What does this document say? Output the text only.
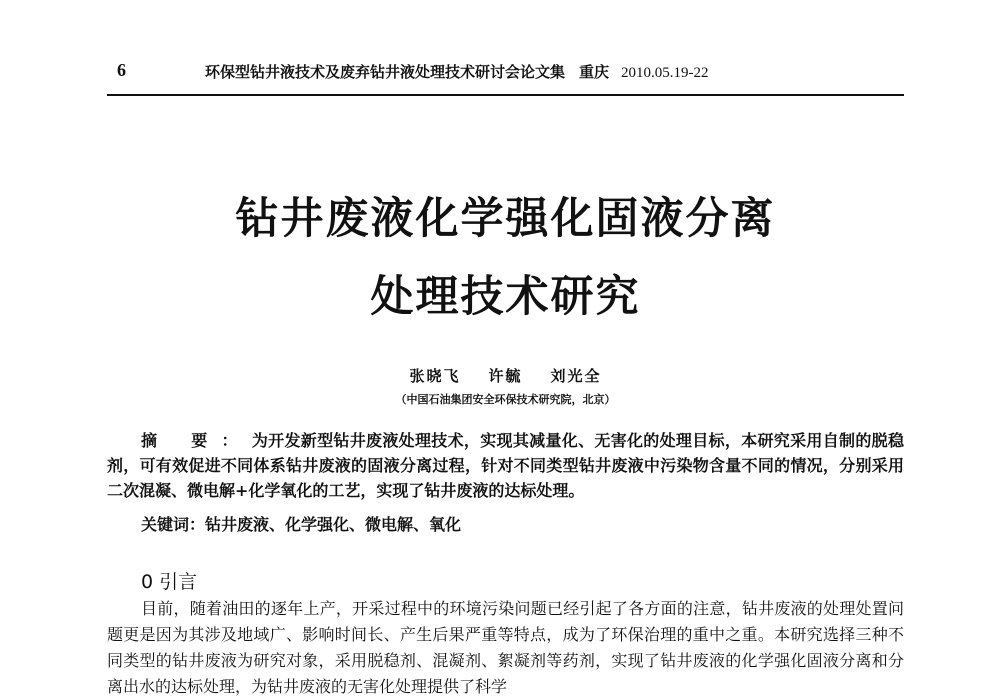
6	环保型钻井液技术及废弃钻井液处理技术研讨会论文集 重庆 2010.05.19-22
钻井废液化学强化固液分离
处理技术研究
张晓飞 许毓 刘光全
（中国石油集团安全环保技术研究院，北京）

摘 要：为开发新型钻井废液处理技术，实现其减量化、无害化的处理目标，本研究采用自制的脱稳剂，可有效促进不同体系钻井废液的固液分离过程，针对不同类型钻井废液中污染物含量不同的情况，分别采用二次混凝、微电解+化学氧化的工艺，实现了钻井废液的达标处理。

关键词：钻井废液、化学强化、微电解、氧化
0 引言

目前，随着油田的逐年上产，开采过程中的环境污染问题已经引起了各方面的注意，钻井废液的处理处置问题更是因为其涉及地域广、影响时间长、产生后果严重等特点，成为了环保治理的重中之重。本研究选择三种不同类型的钻井废液为研究对象，采用脱稳剂、混凝剂、絮凝剂等药剂，实现了钻井废液的化学强化固液分离和分离出水的达标处理，为钻井废液的无害化处理提供了科学
